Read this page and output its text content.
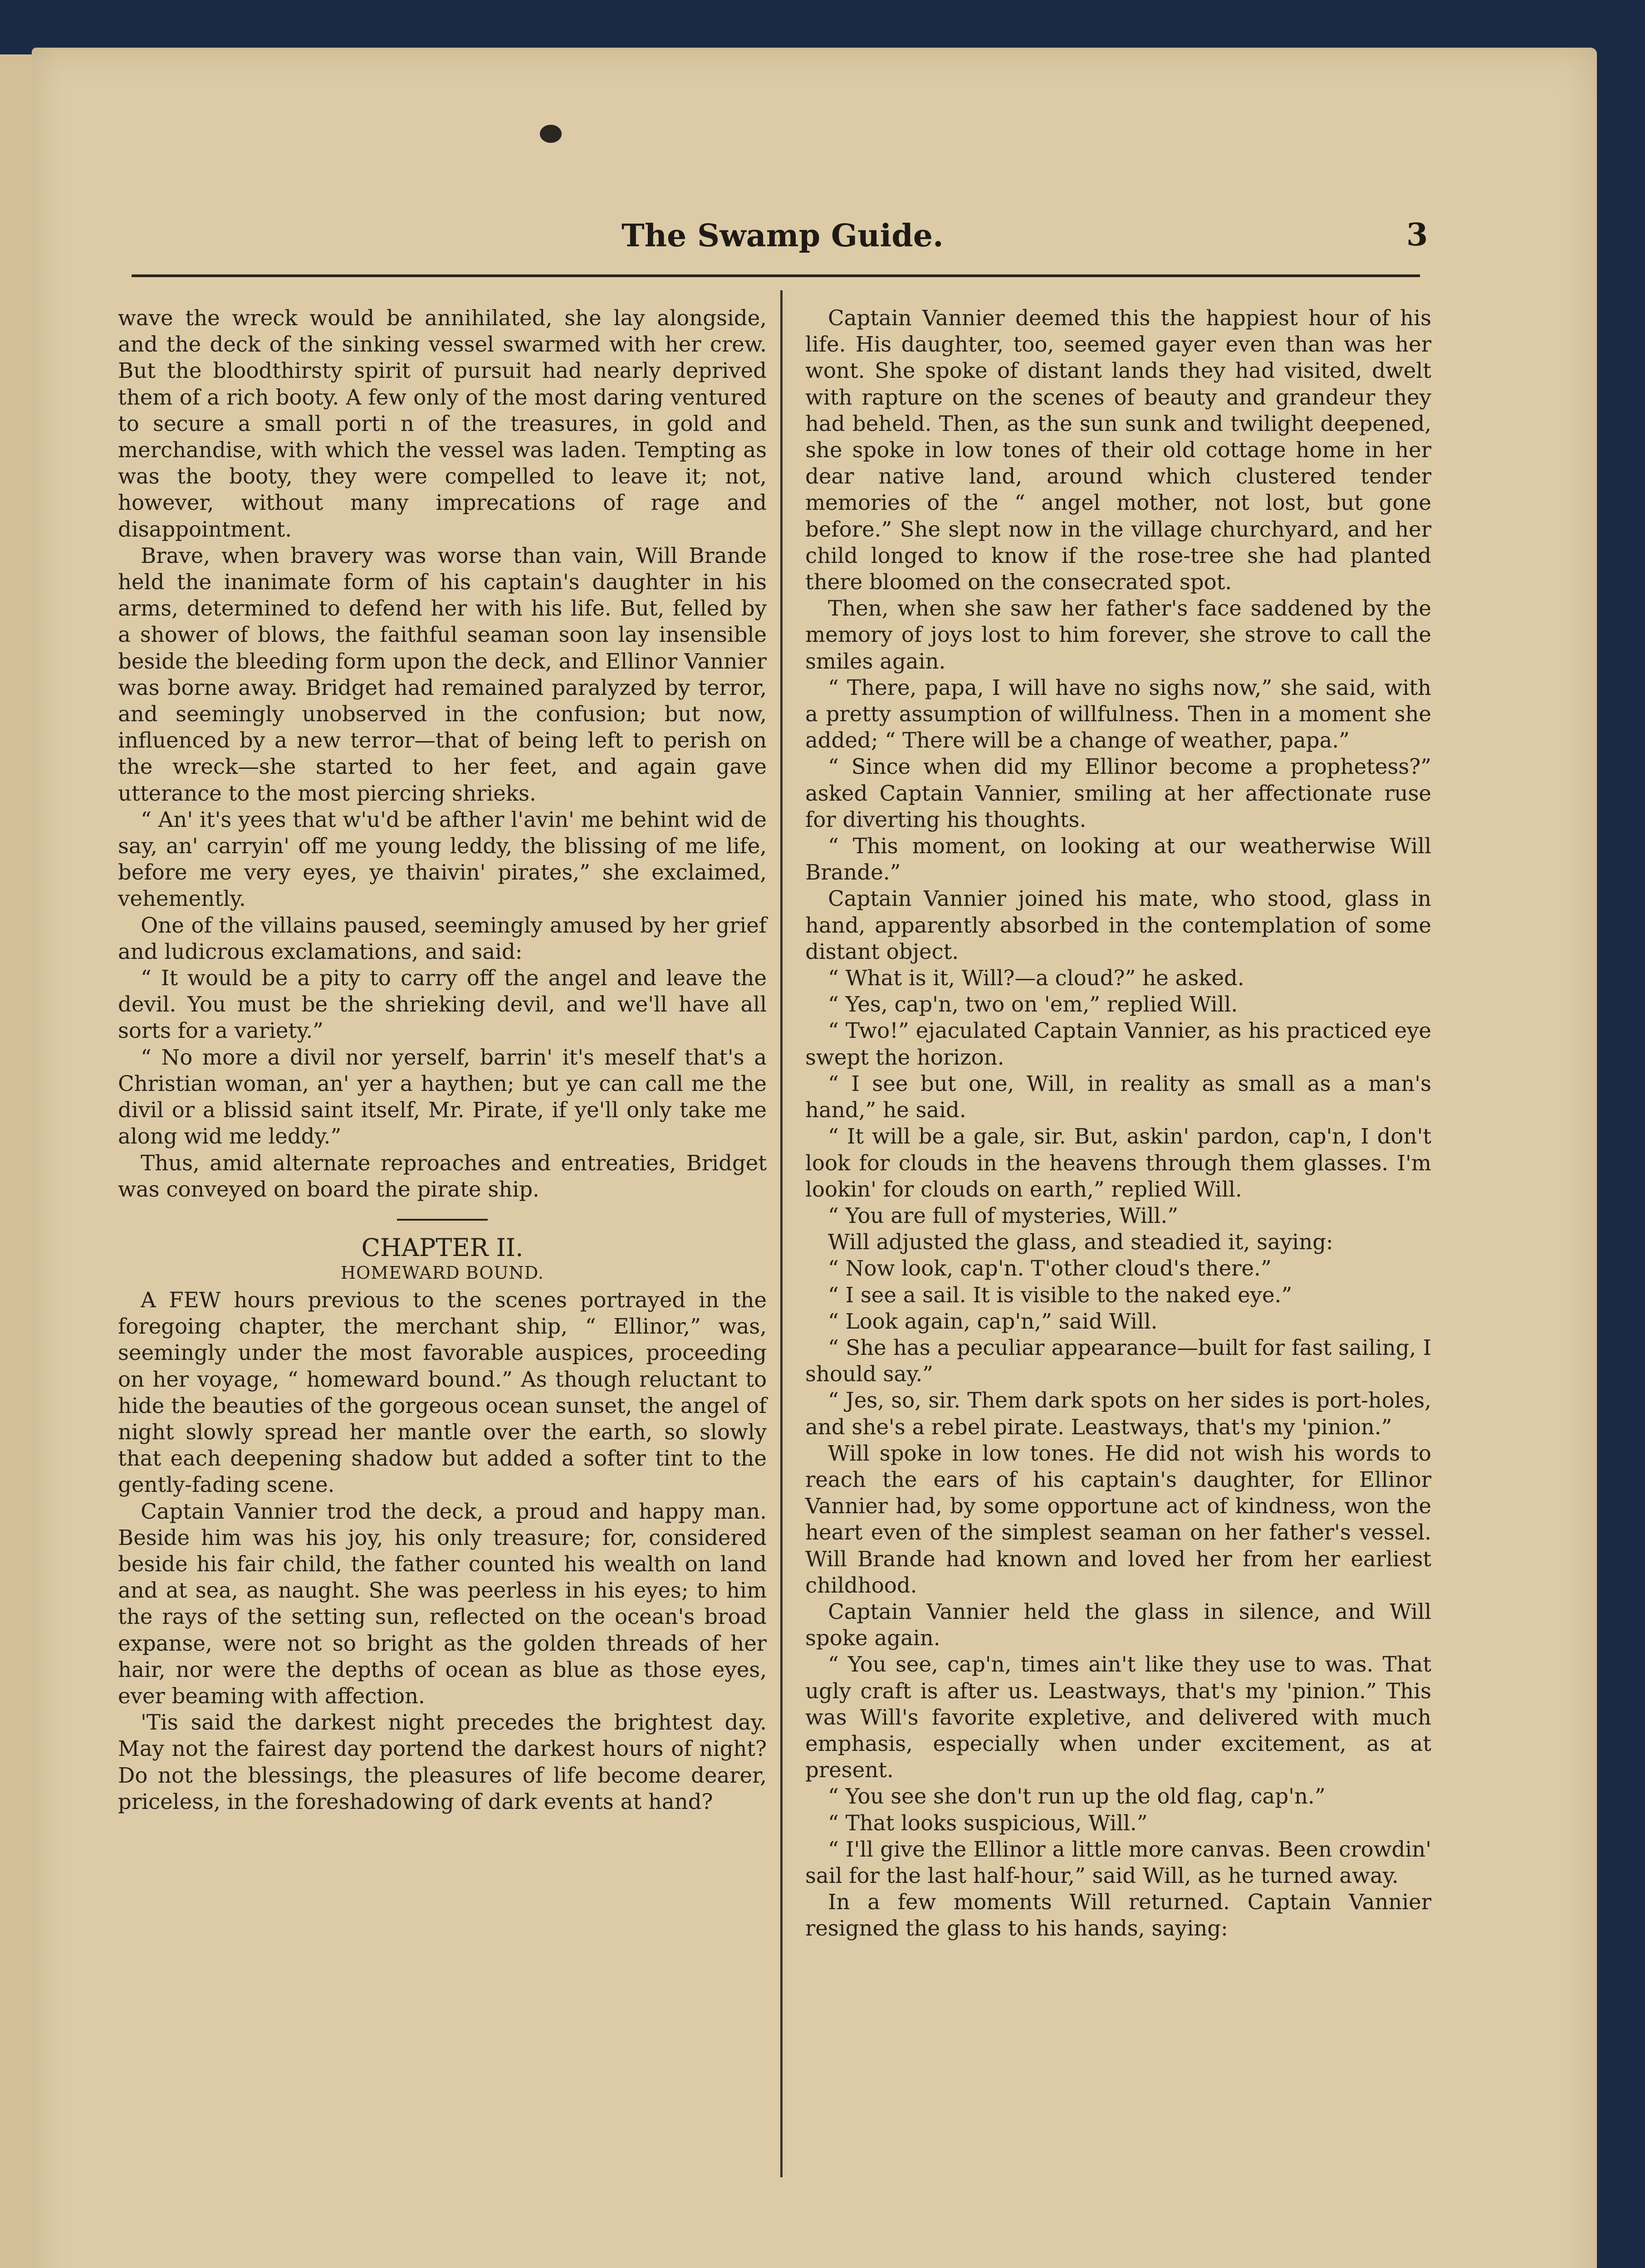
The Swamp Guide.	3

wave the wreck would be annihilated, she lay alongside, and the deck of the sinking vessel swarmed with her crew. But the bloodthirsty spirit of pursuit had nearly deprived them of a rich booty. A few only of the most daring ventured to secure a small porti n of the treasures, in gold and merchandise, with which the vessel was laden. Tempting as was the booty, they were compelled to leave it; not, however, without many imprecations of rage and disappointment.

Brave, when bravery was worse than vain, Will Brande held the inanimate form of his captain's daughter in his arms, determined to defend her with his life. But, felled by a shower of blows, the faithful seaman soon lay insensible beside the bleeding form upon the deck, and Ellinor Vannier was borne away. Bridget had remained paralyzed by terror, and seemingly unobserved in the confusion; but now, influenced by a new terror—that of being left to perish on the wreck—she started to her feet, and again gave utterance to the most piercing shrieks.

“ An' it's yees that w'u'd be afther l'avin' me behint wid de say, an' carryin' off me young leddy, the blissing of me life, before me very eyes, ye thaivin' pirates,” she exclaimed, vehemently.

One of the villains paused, seemingly amused by her grief and ludicrous exclamations, and said:

“ It would be a pity to carry off the angel and leave the devil. You must be the shrieking devil, and we'll have all sorts for a variety.”

“ No more a divil nor yerself, barrin' it's meself that's a Christian woman, an' yer a haythen; but ye can call me the divil or a blissid saint itself, Mr. Pirate, if ye'll only take me along wid me leddy.”

Thus, amid alternate reproaches and entreaties, Bridget was conveyed on board the pirate ship.

CHAPTER II.
HOMEWARD BOUND.

A FEW hours previous to the scenes portrayed in the foregoing chapter, the merchant ship, “ Ellinor,” was, seemingly under the most favorable auspices, proceeding on her voyage, “ homeward bound.” As though reluctant to hide the beauties of the gorgeous ocean sunset, the angel of night slowly spread her mantle over the earth, so slowly that each deepening shadow but added a softer tint to the gently-fading scene.

Captain Vannier trod the deck, a proud and happy man. Beside him was his joy, his only treasure; for, considered beside his fair child, the father counted his wealth on land and at sea, as naught. She was peerless in his eyes; to him the rays of the setting sun, reflected on the ocean's broad expanse, were not so bright as the golden threads of her hair, nor were the depths of ocean as blue as those eyes, ever beaming with affection.

'Tis said the darkest night precedes the brightest day. May not the fairest day portend the darkest hours of night? Do not the blessings, the pleasures of life become dearer, priceless, in the foreshadowing of dark events at hand?

Captain Vannier deemed this the happiest hour of his life. His daughter, too, seemed gayer even than was her wont. She spoke of distant lands they had visited, dwelt with rapture on the scenes of beauty and grandeur they had beheld. Then, as the sun sunk and twilight deepened, she spoke in low tones of their old cottage home in her dear native land, around which clustered tender memories of the “ angel mother, not lost, but gone before.” She slept now in the village churchyard, and her child longed to know if the rose-tree she had planted there bloomed on the consecrated spot.

Then, when she saw her father's face saddened by the memory of joys lost to him forever, she strove to call the smiles again.

“ There, papa, I will have no sighs now,” she said, with a pretty assumption of willfulness. Then in a moment she added; “ There will be a change of weather, papa.”

“ Since when did my Ellinor become a prophetess?” asked Captain Vannier, smiling at her affectionate ruse for diverting his thoughts.

“ This moment, on looking at our weatherwise Will Brande.”

Captain Vannier joined his mate, who stood, glass in hand, apparently absorbed in the contemplation of some distant object.

“ What is it, Will?—a cloud?” he asked.

“ Yes, cap'n, two on 'em,” replied Will.

“ Two!” ejaculated Captain Vannier, as his practiced eye swept the horizon.

“ I see but one, Will, in reality as small as a man's hand,” he said.

“ It will be a gale, sir. But, askin' pardon, cap'n, I don't look for clouds in the heavens through them glasses. I'm lookin' for clouds on earth,” replied Will.

“ You are full of mysteries, Will.”

Will adjusted the glass, and steadied it, saying:

“ Now look, cap'n. T'other cloud's there.”

“ I see a sail. It is visible to the naked eye.”

“ Look again, cap'n,” said Will.

“ She has a peculiar appearance—built for fast sailing, I should say.”

“ Jes, so, sir. Them dark spots on her sides is port-holes, and she's a rebel pirate. Leastways, that's my 'pinion.”

Will spoke in low tones. He did not wish his words to reach the ears of his captain's daughter, for Ellinor Vannier had, by some opportune act of kindness, won the heart even of the simplest seaman on her father's vessel. Will Brande had known and loved her from her earliest childhood.

Captain Vannier held the glass in silence, and Will spoke again.

“ You see, cap'n, times ain't like they use to was. That ugly craft is after us. Leastways, that's my 'pinion.” This was Will's favorite expletive, and delivered with much emphasis, especially when under excitement, as at present.

“ You see she don't run up the old flag, cap'n.”

“ That looks suspicious, Will.”

“ I'll give the Ellinor a little more canvas. Been crowdin' sail for the last half-hour,” said Will, as he turned away.

In a few moments Will returned. Captain Vannier resigned the glass to his hands, saying:
